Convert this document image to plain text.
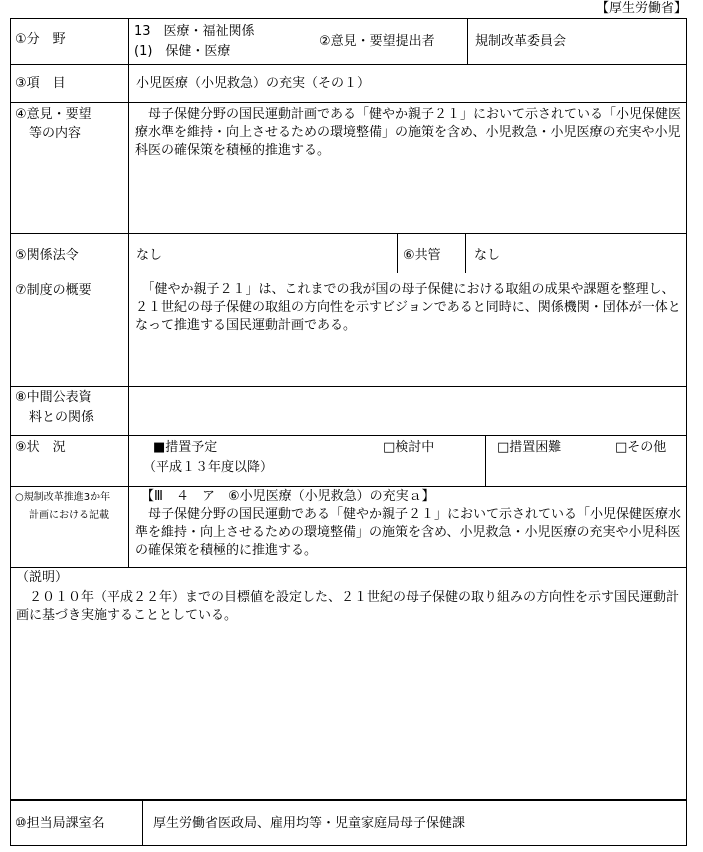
【厚生労働省】
①分　野
13　医療・福祉関係
(1)　保健・医療
②意見・要望提出者	規制改革委員会
③項　目	小児医療（小児救急）の充実（その１）
④意見・要望
等の内容
　母子保健分野の国民運動計画である「健やか親子２１」において示されている「小児保健医療水準を維持・向上させるための環境整備」の施策を含め、小児救急・小児医療の充実や小児科医の確保策を積極的推進する。
⑤関係法令	なし	⑥共管	なし
⑦制度の概要	　「健やか親子２１」は、これまでの我が国の母子保健における取組の成果や課題を整理し、２１世紀の母子保健の取組の方向性を示すビジョンであると同時に、関係機関・団体が一体となって推進する国民運動計画である。
⑧中間公表資
料との関係
⑨状　況	■措置予定	□検討中	□措置困難	□その他
（平成１３年度以降）
○規制改革推進3か年
計画における記載
【Ⅲ　４　ア　⑥小児医療（小児救急）の充実ａ】
　母子保健分野の国民運動である「健やか親子２１」において示されている「小児保健医療水準を維持・向上させるための環境整備」の施策を含め、小児救急・小児医療の充実や小児科医の確保策を積極的に推進する。
（説明）
　２０１０年（平成２２年）までの目標値を設定した、２１世紀の母子保健の取り組みの方向性を示す国民運動計画に基づき実施することとしている。
⑩担当局課室名	厚生労働省医政局、雇用均等・児童家庭局母子保健課
